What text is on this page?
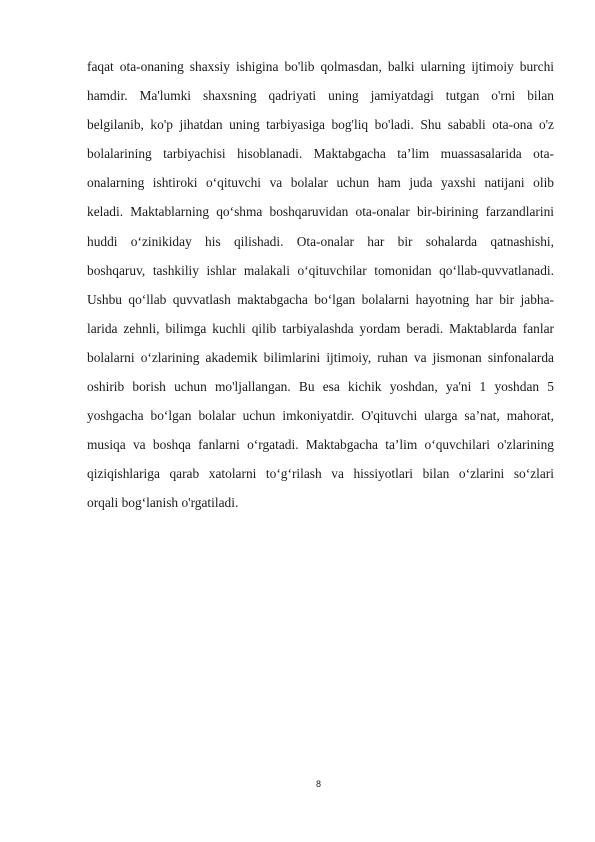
faqat ota-onaning shaxsiy ishigina bo'lib qolmasdan, balki ularning ijtimoiy burchi
hamdir. Ma'lumki shaxsning qadriyati uning jamiyatdagi tutgan o'rni bilan
belgilanib, ko'p jihatdan uning tarbiyasiga bog'liq bo'ladi. Shu sababli ota-ona o'z
bolalarining tarbiyachisi hisoblanadi. Maktabgacha ta’lim muassasalarida ota-
onalarning ishtiroki o‘qituvchi va bolalar uchun ham juda yaxshi natijani olib
keladi. Maktablarning qo‘shma boshqaruvidan ota-onalar bir-birining farzandlarini
huddi o‘zinikiday his qilishadi. Ota-onalar har bir sohalarda qatnashishi,
boshqaruv, tashkiliy ishlar malakali o‘qituvchilar tomonidan qo‘llab-quvvatlanadi.
Ushbu qo‘llab quvvatlash maktabgacha bo‘lgan bolalarni hayotning har bir jabha-
larida zehnli, bilimga kuchli qilib tarbiyalashda yordam beradi. Maktablarda fanlar
bolalarni o‘zlarining akademik bilimlarini ijtimoiy, ruhan va jismonan sinfonalarda
oshirib borish uchun mo'ljallangan. Bu esa kichik yoshdan, ya'ni 1 yoshdan 5
yoshgacha bo‘lgan bolalar uchun imkoniyatdir. O'qituvchi ularga sa’nat, mahorat,
musiqa va boshqa fanlarni o‘rgatadi. Maktabgacha ta’lim o‘quvchilari o'zlarining
qiziqishlariga qarab xatolarni to‘g‘rilash va hissiyotlari bilan o‘zlarini so‘zlari
orqali bog‘lanish o'rgatiladi.
8
